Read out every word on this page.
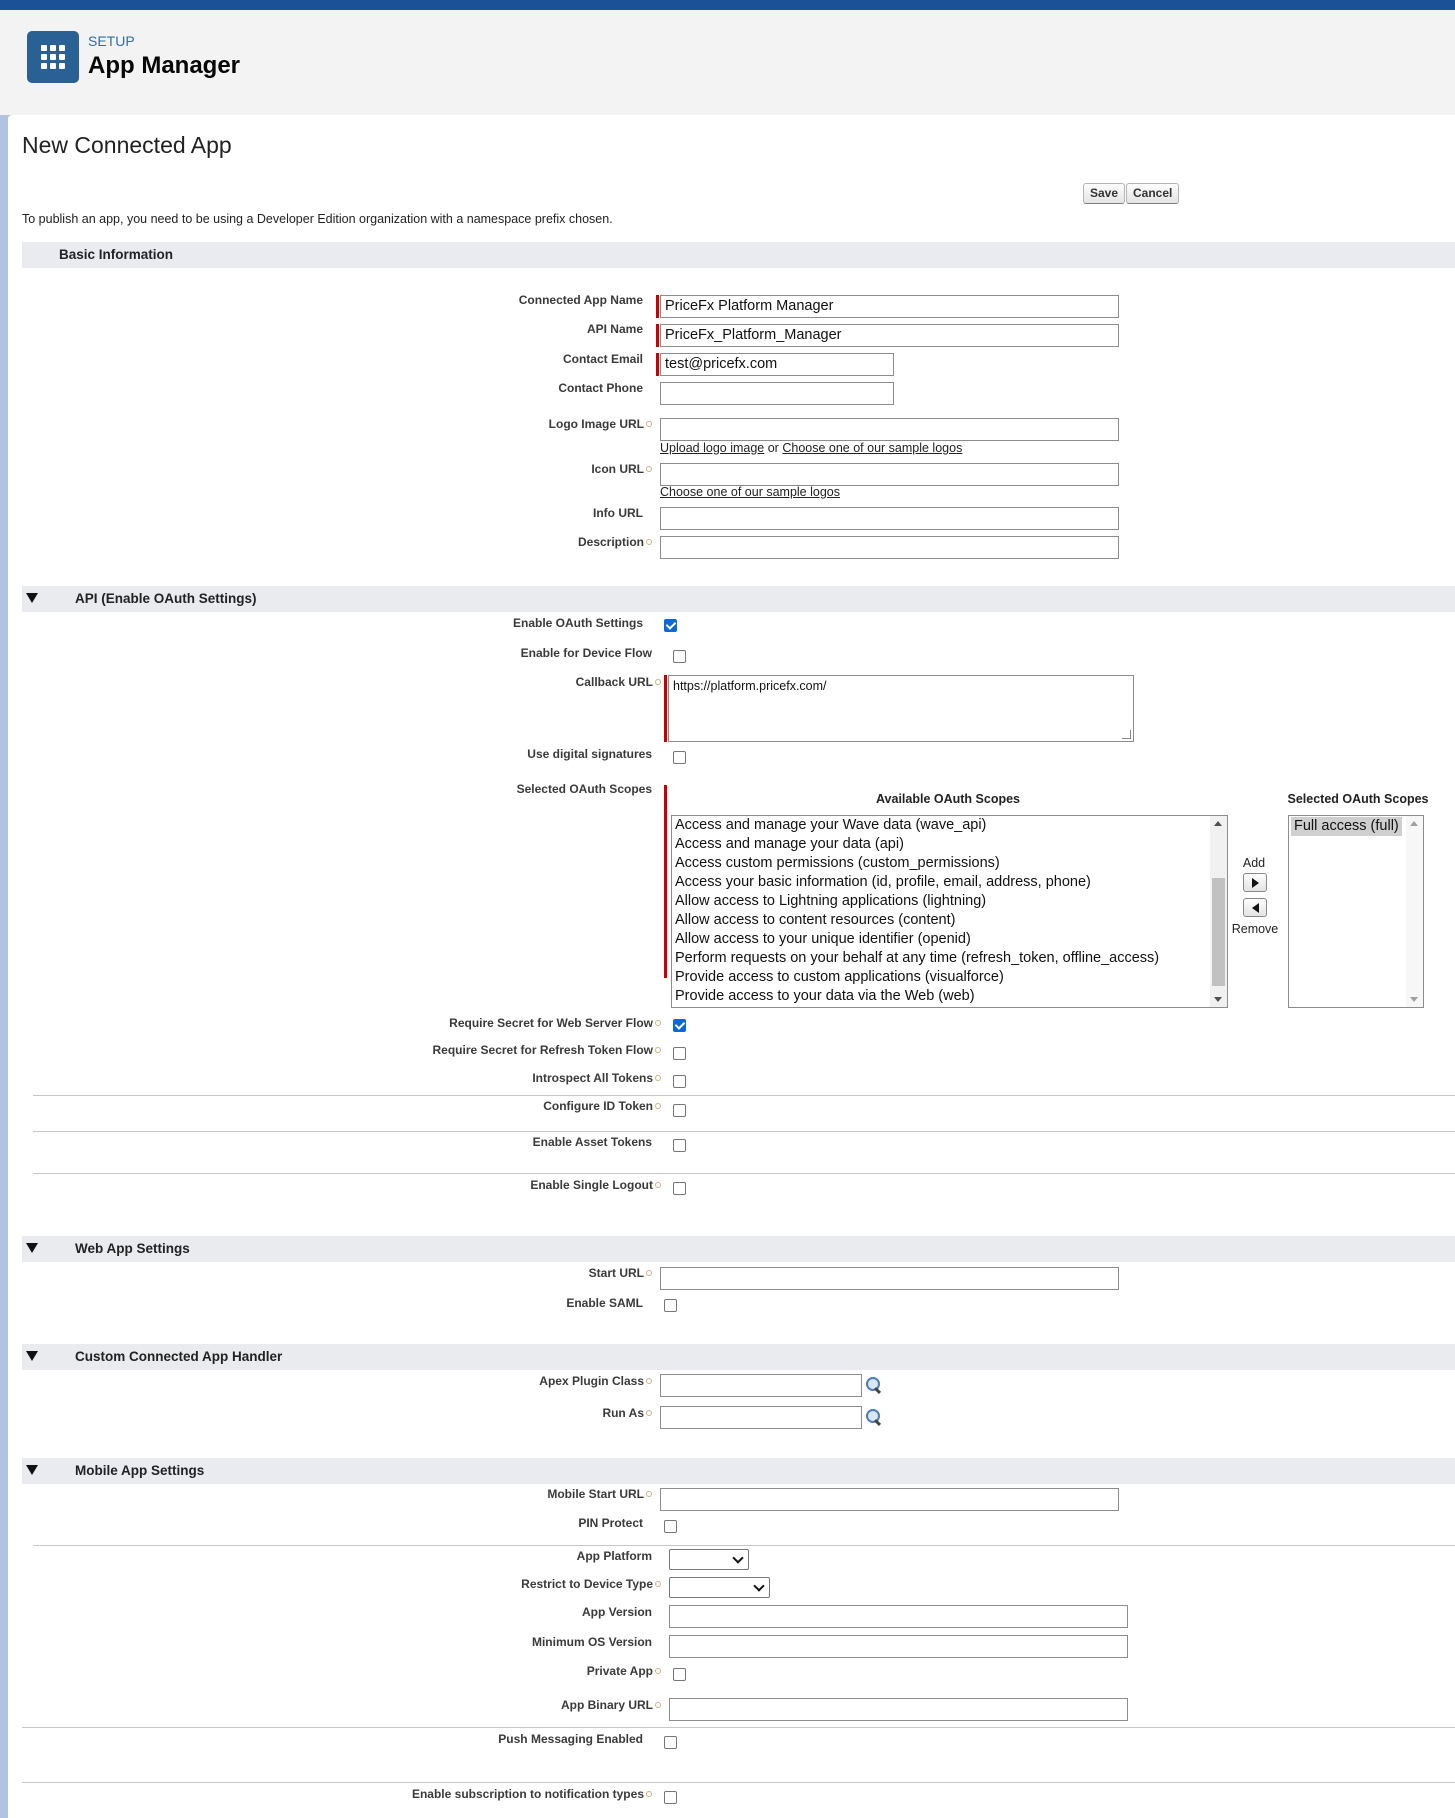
SETUP
App Manager
New Connected App
Save	Cancel
To publish an app, you need to be using a Developer Edition organization with a namespace prefix chosen.
Basic Information
Connected App Name	PriceFx Platform Manager
API Name	PriceFx_Platform_Manager
Contact Email	test@pricefx.com
Contact Phone
Logo Image URL
Upload logo image or Choose one of our sample logos
Icon URL
Choose one of our sample logos
Info URL
Description
API (Enable OAuth Settings)
Enable OAuth Settings
Enable for Device Flow
Callback URL	https://platform.pricefx.com/
Use digital signatures
Selected OAuth Scopes
Available OAuth Scopes
Access and manage your Wave data (wave_api)
Access and manage your data (api)
Access custom permissions (custom_permissions)
Access your basic information (id, profile, email, address, phone)
Allow access to Lightning applications (lightning)
Allow access to content resources (content)
Allow access to your unique identifier (openid)
Perform requests on your behalf at any time (refresh_token, offline_access)
Provide access to custom applications (visualforce)
Provide access to your data via the Web (web)
Add
Remove
Selected OAuth Scopes
Full access (full)
Require Secret for Web Server Flow
Require Secret for Refresh Token Flow
Introspect All Tokens
Configure ID Token
Enable Asset Tokens
Enable Single Logout
Web App Settings
Start URL
Enable SAML
Custom Connected App Handler
Apex Plugin Class
Run As
Mobile App Settings
Mobile Start URL
PIN Protect
App Platform
Restrict to Device Type
App Version
Minimum OS Version
Private App
App Binary URL
Push Messaging Enabled
Enable subscription to notification types
